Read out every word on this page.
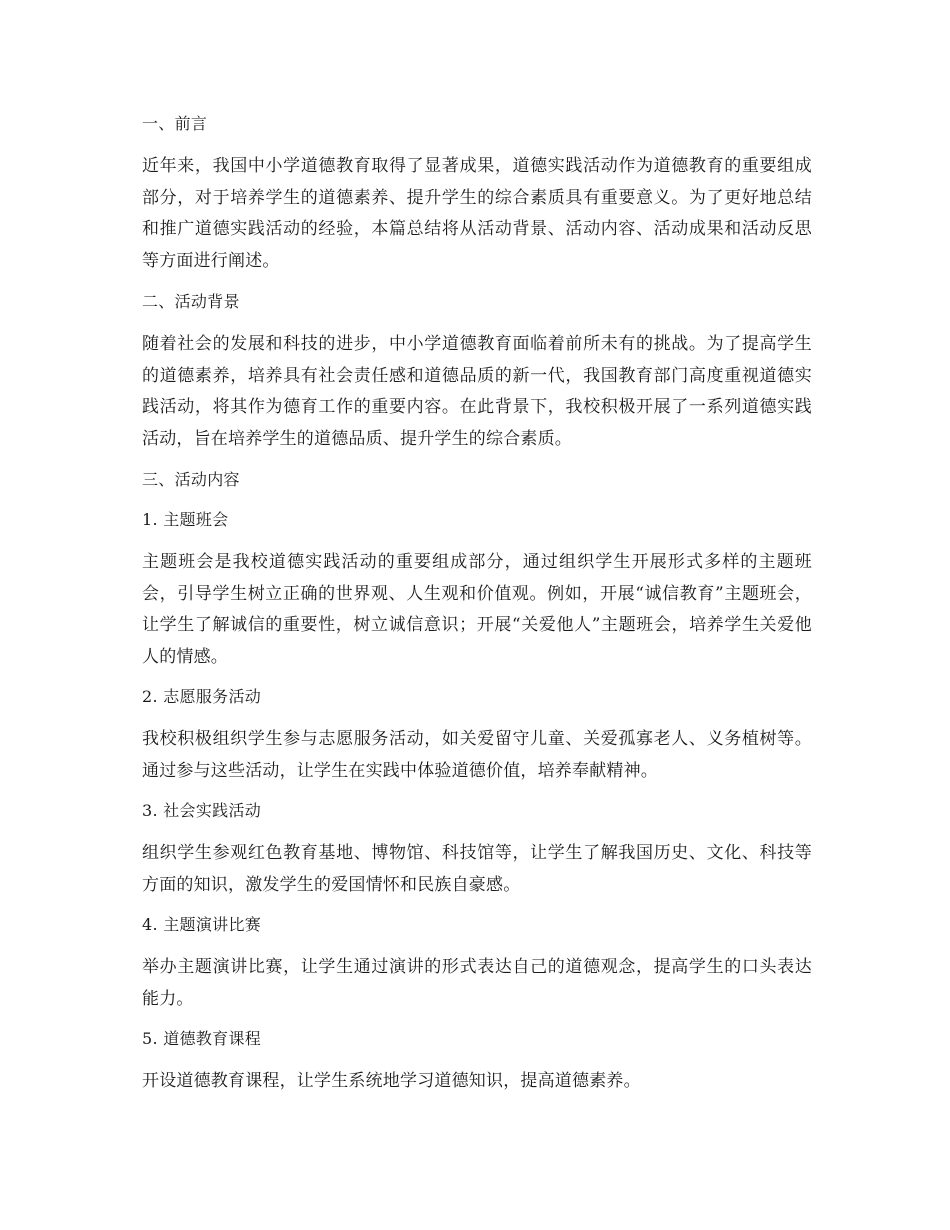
一、前言

近年来，我国中小学道德教育取得了显著成果，道德实践活动作为道德教育的重要组成部分，对于培养学生的道德素养、提升学生的综合素质具有重要意义。为了更好地总结和推广道德实践活动的经验，本篇总结将从活动背景、活动内容、活动成果和活动反思等方面进行阐述。

二、活动背景

随着社会的发展和科技的进步，中小学道德教育面临着前所未有的挑战。为了提高学生的道德素养，培养具有社会责任感和道德品质的新一代，我国教育部门高度重视道德实践活动，将其作为德育工作的重要内容。在此背景下，我校积极开展了一系列道德实践活动，旨在培养学生的道德品质、提升学生的综合素质。

三、活动内容
1. 主题班会

主题班会是我校道德实践活动的重要组成部分，通过组织学生开展形式多样的主题班会，引导学生树立正确的世界观、人生观和价值观。例如，开展“诚信教育”主题班会，让学生了解诚信的重要性，树立诚信意识；开展“关爱他人”主题班会，培养学生关爱他人的情感。

2. 志愿服务活动

我校积极组织学生参与志愿服务活动，如关爱留守儿童、关爱孤寡老人、义务植树等。通过参与这些活动，让学生在实践中体验道德价值，培养奉献精神。

3. 社会实践活动

组织学生参观红色教育基地、博物馆、科技馆等，让学生了解我国历史、文化、科技等方面的知识，激发学生的爱国情怀和民族自豪感。

4. 主题演讲比赛

举办主题演讲比赛，让学生通过演讲的形式表达自己的道德观念，提高学生的口头表达能力。

5. 道德教育课程

开设道德教育课程，让学生系统地学习道德知识，提高道德素养。
